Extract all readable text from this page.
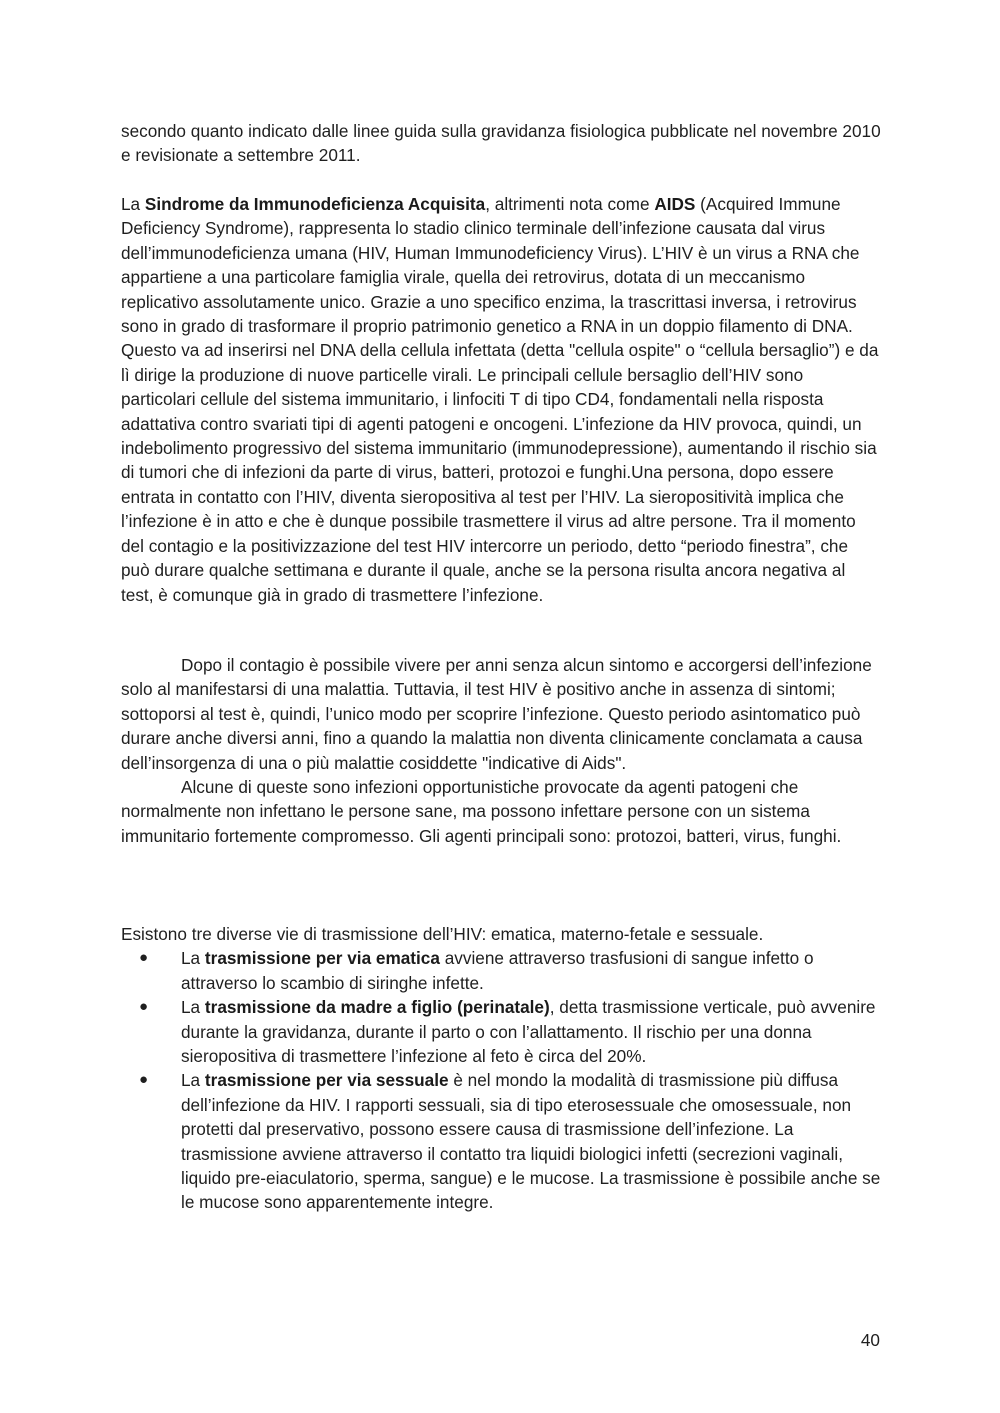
secondo quanto indicato dalle linee guida sulla gravidanza fisiologica pubblicate nel novembre 2010 e revisionate a settembre 2011.

La Sindrome da Immunodeficienza Acquisita, altrimenti nota come AIDS (Acquired Immune Deficiency Syndrome), rappresenta lo stadio clinico terminale dell’infezione causata dal virus dell’immunodeficienza umana (HIV, Human Immunodeficiency Virus). L’HIV è un virus a RNA che appartiene a una particolare famiglia virale, quella dei retrovirus, dotata di un meccanismo replicativo assolutamente unico. Grazie a uno specifico enzima, la trascrittasi inversa, i retrovirus sono in grado di trasformare il proprio patrimonio genetico a RNA in un doppio filamento di DNA. Questo va ad inserirsi nel DNA della cellula infettata (detta "cellula ospite" o “cellula bersaglio”) e da lì dirige la produzione di nuove particelle virali. Le principali cellule bersaglio dell’HIV sono particolari cellule del sistema immunitario, i linfociti T di tipo CD4, fondamentali nella risposta adattativa contro svariati tipi di agenti patogeni e oncogeni. L’infezione da HIV provoca, quindi, un indebolimento progressivo del sistema immunitario (immunodepressione), aumentando il rischio sia di tumori che di infezioni da parte di virus, batteri, protozoi e funghi.Una persona, dopo essere entrata in contatto con l’HIV, diventa sieropositiva al test per l’HIV. La sieropositività implica che l’infezione è in atto e che è dunque possibile trasmettere il virus ad altre persone. Tra il momento del contagio e la positivizzazione del test HIV intercorre un periodo, detto “periodo finestra”, che può durare qualche settimana e durante il quale, anche se la persona risulta ancora negativa al test, è comunque già in grado di trasmettere l’infezione.

Dopo il contagio è possibile vivere per anni senza alcun sintomo e accorgersi dell’infezione solo al manifestarsi di una malattia. Tuttavia, il test HIV è positivo anche in assenza di sintomi; sottoporsi al test è, quindi, l’unico modo per scoprire l’infezione. Questo periodo asintomatico può durare anche diversi anni, fino a quando la malattia non diventa clinicamente conclamata a causa dell’insorgenza di una o più malattie cosiddette "indicative di Aids".

Alcune di queste sono infezioni opportunistiche provocate da agenti patogeni che normalmente non infettano le persone sane, ma possono infettare persone con un sistema immunitario fortemente compromesso. Gli agenti principali sono: protozoi, batteri, virus, funghi.

Esistono tre diverse vie di trasmissione dell’HIV: ematica, materno-fetale e sessuale.

● La trasmissione per via ematica avviene attraverso trasfusioni di sangue infetto o attraverso lo scambio di siringhe infette.
● La trasmissione da madre a figlio (perinatale), detta trasmissione verticale, può avvenire durante la gravidanza, durante il parto o con l’allattamento. Il rischio per una donna sieropositiva di trasmettere l’infezione al feto è circa del 20%.
● La trasmissione per via sessuale è nel mondo la modalità di trasmissione più diffusa dell’infezione da HIV. I rapporti sessuali, sia di tipo eterosessuale che omosessuale, non protetti dal preservativo, possono essere causa di trasmissione dell’infezione. La trasmissione avviene attraverso il contatto tra liquidi biologici infetti (secrezioni vaginali, liquido pre-eiaculatorio, sperma, sangue) e le mucose. La trasmissione è possibile anche se le mucose sono apparentemente integre.
40
